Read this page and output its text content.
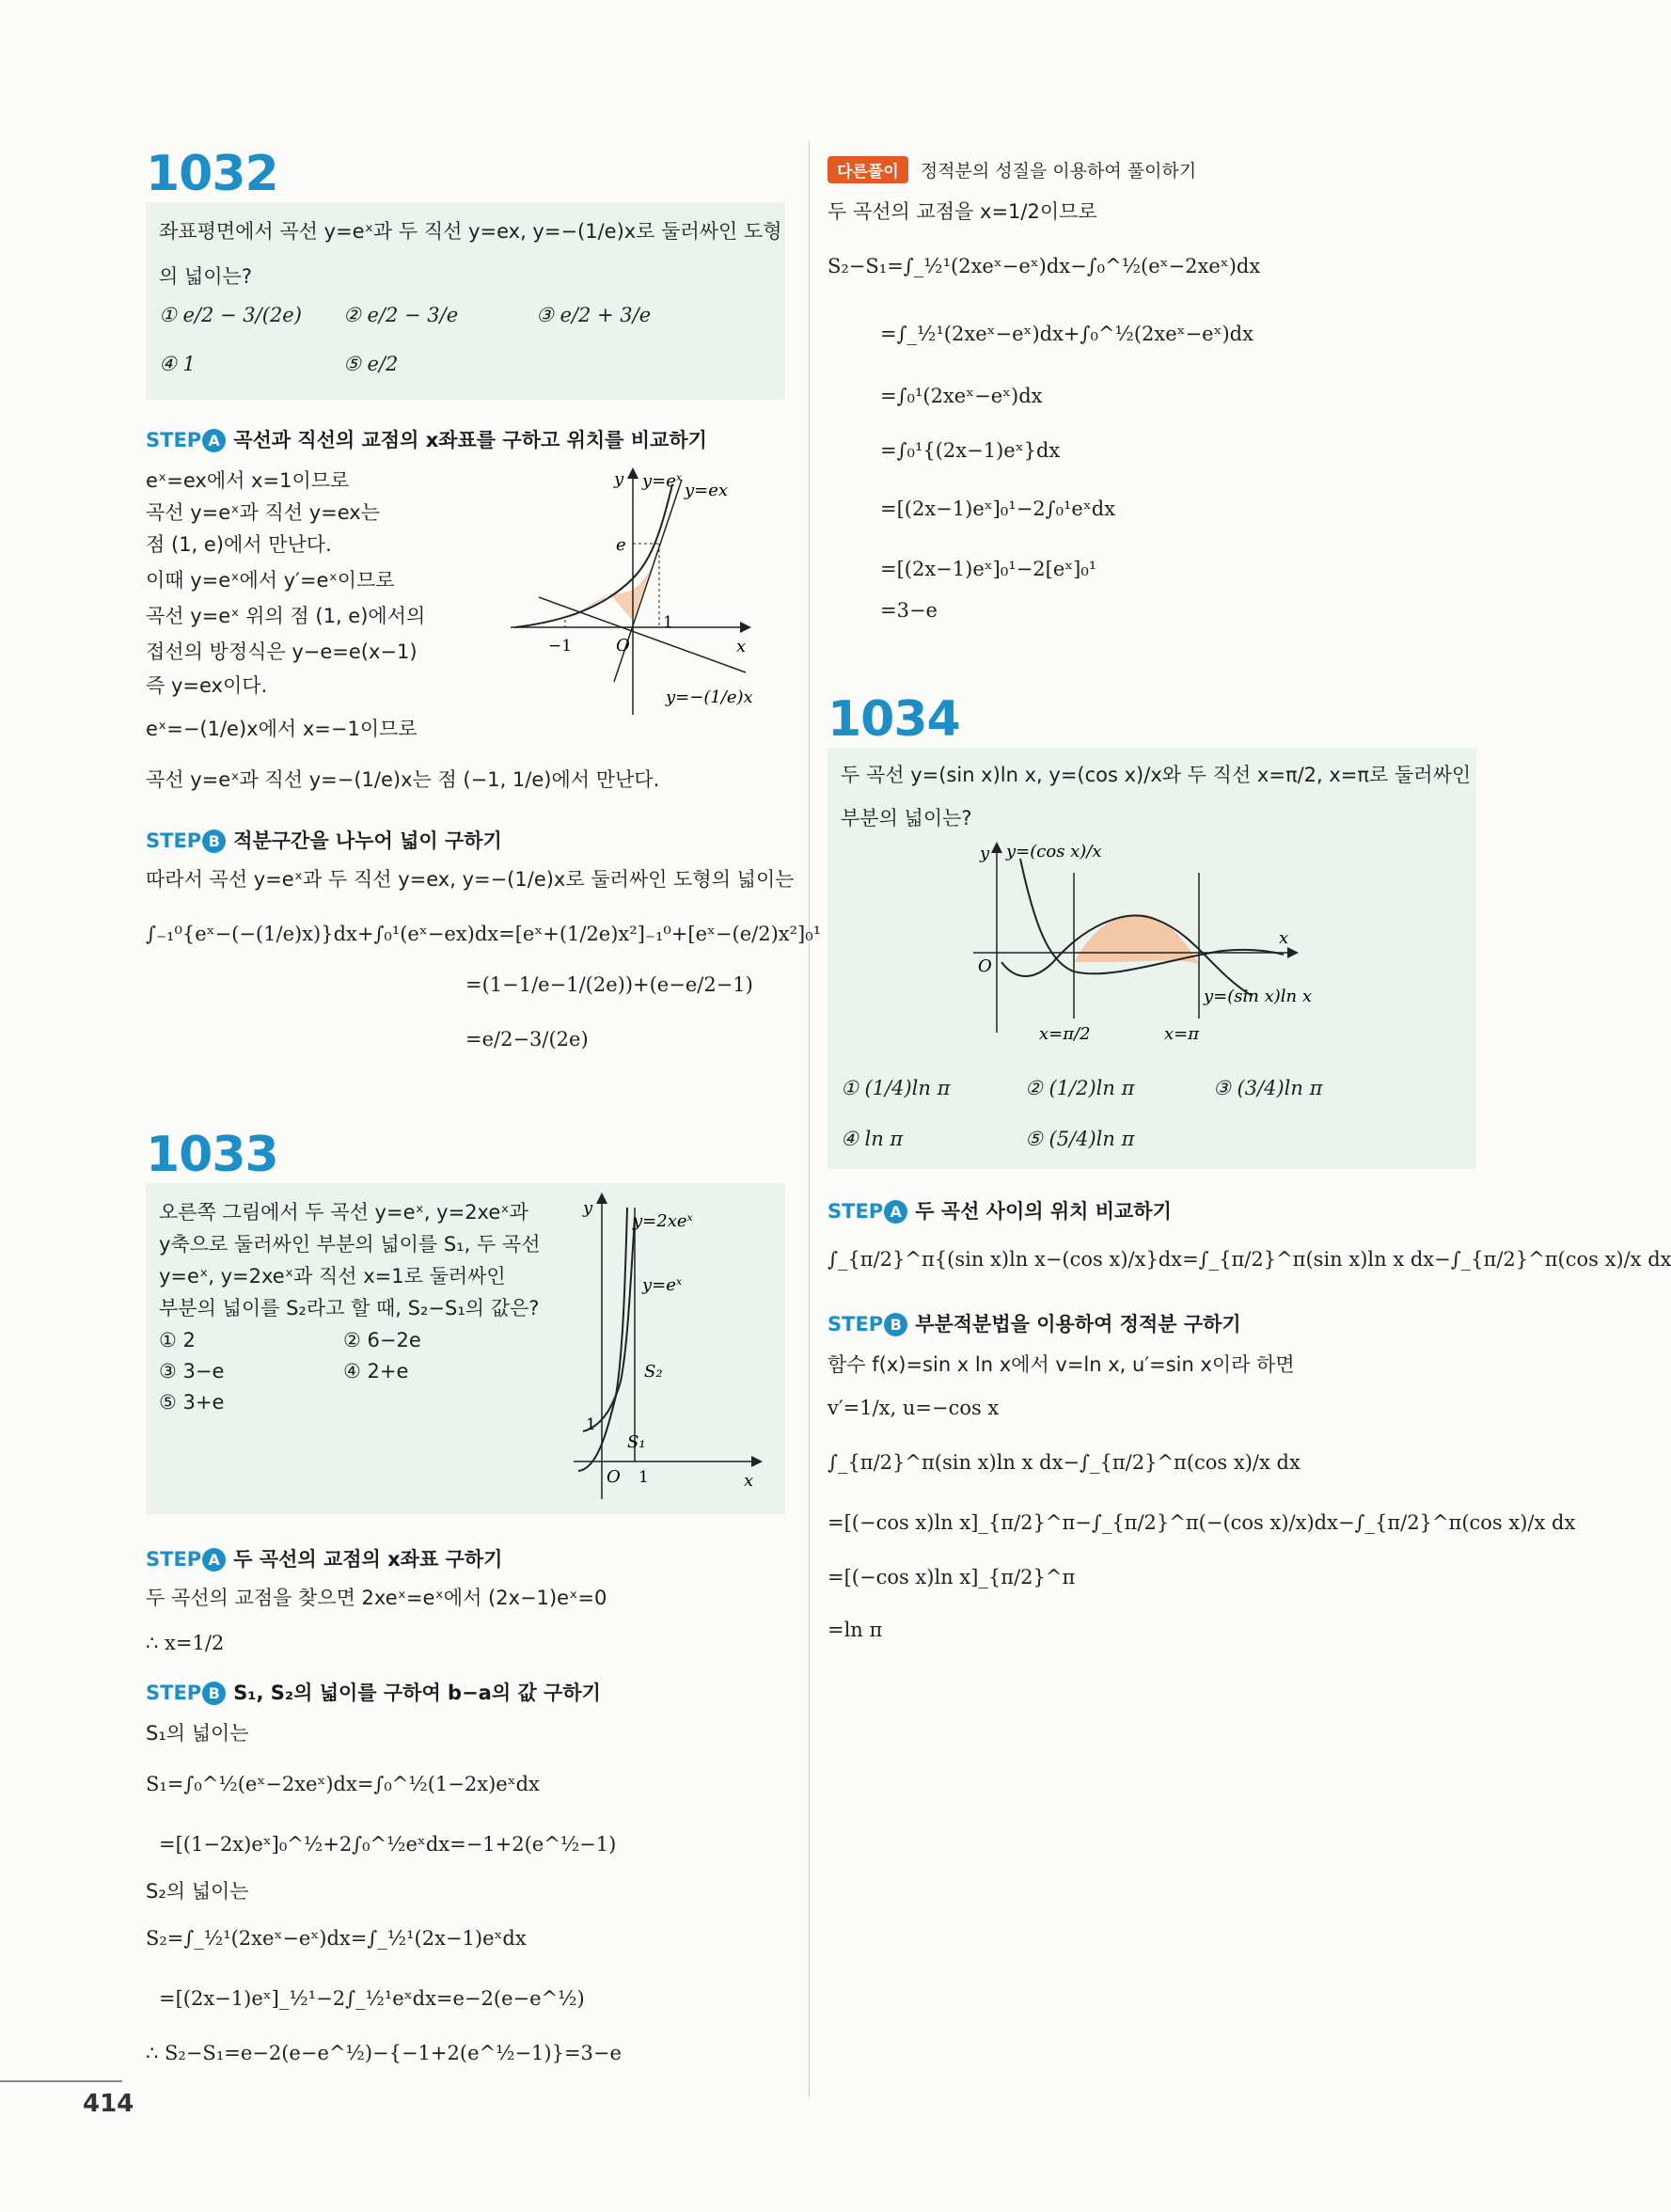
1032
좌표평면에서 곡선 y=eˣ과 두 직선 y=ex, y=−(1/e)x로 둘러싸인 도형
의 넓이는?
① e/2 − 3/(2e) ② e/2 − 3/e	③ e/2 + 3/e
④ 1	⑤ e/2
STEP A 곡선과 직선의 교점의 x좌표를 구하고 위치를 비교하기
eˣ=ex에서 x=1이므로
곡선 y=eˣ과 직선 y=ex는
점 (1, e)에서 만난다.
이때 y=eˣ에서 y′=eˣ이므로
곡선 y=eˣ 위의 점 (1, e)에서의
접선의 방정식은 y−e=e(x−1)
즉 y=ex이다.
eˣ=−(1/e)x에서 x=−1이므로
곡선 y=eˣ과 직선 y=−(1/e)x는 점 (−1, 1/e)에서 만난다.
y
x
y=eˣ y=ex
y=−(1/e)x
e
1
−1	O
STEP B 적분구간을 나누어 넓이 구하기
따라서 곡선 y=eˣ과 두 직선 y=ex, y=−(1/e)x로 둘러싸인 도형의 넓이는
∫₋₁⁰{eˣ−(−(1/e)x)}dx+∫₀¹(eˣ−ex)dx=[eˣ+(1/2e)x²]₋₁⁰+[eˣ−(e/2)x²]₀¹
=(1−1/e−1/(2e))+(e−e/2−1)
=e/2−3/(2e)
1033
오른쪽 그림에서 두 곡선 y=eˣ, y=2xeˣ과
y축으로 둘러싸인 부분의 넓이를 S₁, 두 곡선
y=eˣ, y=2xeˣ과 직선 x=1로 둘러싸인
부분의 넓이를 S₂라고 할 때, S₂−S₁의 값은?
① 2	② 6−2e
③ 3−e	④ 2+e
⑤ 3+e
y
x
y=2xeˣ
y=eˣ
S₂
S₁
1
1
O
STEP A 두 곡선의 교점의 x좌표 구하기
두 곡선의 교점을 찾으면 2xeˣ=eˣ에서 (2x−1)eˣ=0
∴ x=1/2
STEP B S₁, S₂의 넓이를 구하여 b−a의 값 구하기
S₁의 넓이는
S₁=∫₀^½(eˣ−2xeˣ)dx=∫₀^½(1−2x)eˣdx
=[(1−2x)eˣ]₀^½+2∫₀^½eˣdx=−1+2(e^½−1)
S₂의 넓이는
S₂=∫_½¹(2xeˣ−eˣ)dx=∫_½¹(2x−1)eˣdx
=[(2x−1)eˣ]_½¹−2∫_½¹eˣdx=e−2(e−e^½)
∴ S₂−S₁=e−2(e−e^½)−{−1+2(e^½−1)}=3−e
다른풀이 정적분의 성질을 이용하여 풀이하기
두 곡선의 교점을 x=1/2이므로
S₂−S₁=∫_½¹(2xeˣ−eˣ)dx−∫₀^½(eˣ−2xeˣ)dx
=∫_½¹(2xeˣ−eˣ)dx+∫₀^½(2xeˣ−eˣ)dx
=∫₀¹(2xeˣ−eˣ)dx
=∫₀¹{(2x−1)eˣ}dx
=[(2x−1)eˣ]₀¹−2∫₀¹eˣdx
=[(2x−1)eˣ]₀¹−2[eˣ]₀¹
=3−e
1034
두 곡선 y=(sin x)ln x, y=(cos x)/x와 두 직선 x=π/2, x=π로 둘러싸인
부분의 넓이는?
y
x
y=(cos x)/x
y=(sin x)ln x
x=π/2	x=π
O
① (1/4)ln π	② (1/2)ln π	③ (3/4)ln π
④ ln π	⑤ (5/4)ln π
STEP A 두 곡선 사이의 위치 비교하기
∫_{π/2}^π{(sin x)ln x−(cos x)/x}dx=∫_{π/2}^π(sin x)ln x dx−∫_{π/2}^π(cos x)/x dx
STEP B 부분적분법을 이용하여 정적분 구하기
함수 f(x)=sin x ln x에서 v=ln x, u′=sin x이라 하면
v′=1/x, u=−cos x
∫_{π/2}^π(sin x)ln x dx−∫_{π/2}^π(cos x)/x dx
=[(−cos x)ln x]_{π/2}^π−∫_{π/2}^π(−(cos x)/x)dx−∫_{π/2}^π(cos x)/x dx
=[(−cos x)ln x]_{π/2}^π
=ln π
414
